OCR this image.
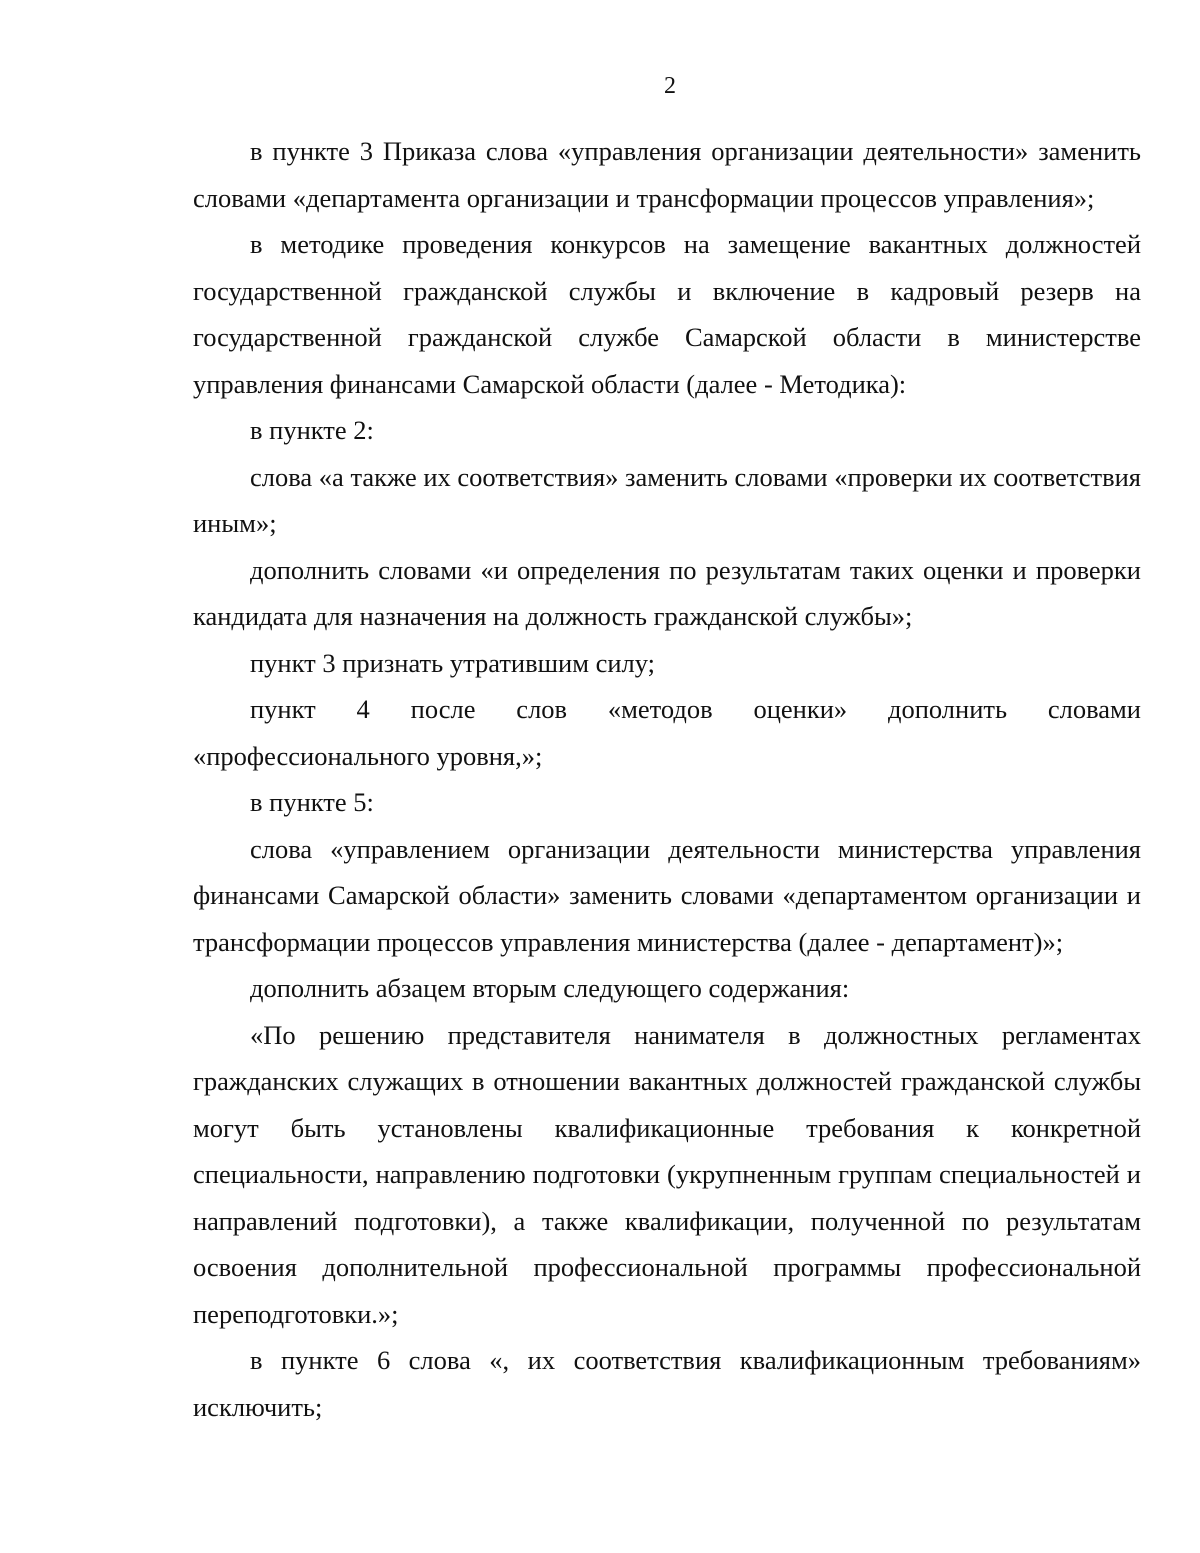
2

в пункте 3 Приказа слова «управления организации деятельности» заменить словами «департамента организации и трансформации процессов управления»;

в методике проведения конкурсов на замещение вакантных должностей государственной гражданской службы и включение в кадровый резерв на государственной гражданской службе Самарской области в министерстве управления финансами Самарской области (далее - Методика):

в пункте 2:

слова «а также их соответствия» заменить словами «проверки их соответствия иным»;

дополнить словами «и определения по результатам таких оценки и проверки кандидата для назначения на должность гражданской службы»;

пункт 3 признать утратившим силу;

пункт 4 после слов «методов оценки» дополнить словами «профессионального уровня,»;

в пункте 5:

слова «управлением организации деятельности министерства управления финансами Самарской области» заменить словами «департаментом организации и трансформации процессов управления министерства (далее - департамент)»;

дополнить абзацем вторым следующего содержания:

«По решению представителя нанимателя в должностных регламентах гражданских служащих в отношении вакантных должностей гражданской службы могут быть установлены квалификационные требования к конкретной специальности, направлению подготовки (укрупненным группам специальностей и направлений подготовки), а также квалификации, полученной по результатам освоения дополнительной профессиональной программы профессиональной переподготовки.»;

в пункте 6 слова «, их соответствия квалификационным требованиям» исключить;
